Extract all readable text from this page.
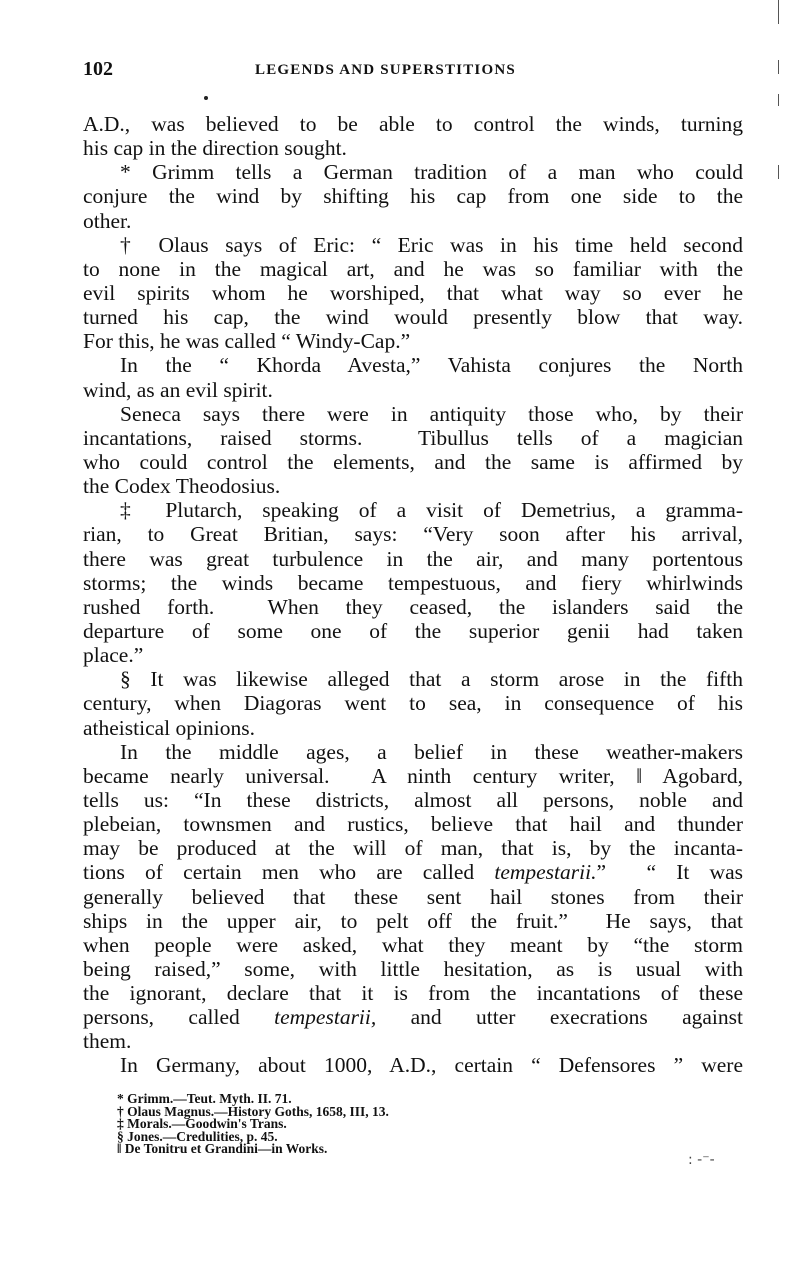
102	LEGENDS AND SUPERSTITIONS
A.D., was believed to be able to control the winds, turning
his cap in the direction sought.
* Grimm tells a German tradition of a man who could
conjure the wind by shifting his cap from one side to the
other.
† Olaus says of Eric: “ Eric was in his time held second
to none in the magical art, and he was so familiar with the
evil spirits whom he worshiped, that what way so ever he
turned his cap, the wind would presently blow that way.
For this, he was called “ Windy-Cap.”
In the “ Khorda Avesta,” Vahista conjures the North
wind, as an evil spirit.
Seneca says there were in antiquity those who, by their
incantations, raised storms.  Tibullus tells of a magician
who could control the elements, and the same is affirmed by
the Codex Theodosius.
‡ Plutarch, speaking of a visit of Demetrius, a gramma-
rian, to Great Britian, says: “Very soon after his arrival,
there was great turbulence in the air, and many portentous
storms; the winds became tempestuous, and fiery whirlwinds
rushed forth.  When they ceased, the islanders said the
departure of some one of the superior genii had taken
place.”
§ It was likewise alleged that a storm arose in the fifth
century, when Diagoras went to sea, in consequence of his
atheistical opinions.
In the middle ages, a belief in these weather-makers
became nearly universal.  A ninth century writer, ‖ Agobard,
tells us: “In these districts, almost all persons, noble and
plebeian, townsmen and rustics, believe that hail and thunder
may be produced at the will of man, that is, by the incanta-
tions of certain men who are called tempestarii.”  “ It was
generally believed that these sent hail stones from their
ships in the upper air, to pelt off the fruit.”  He says, that
when people were asked, what they meant by “the storm
being raised,” some, with little hesitation, as is usual with
the ignorant, declare that it is from the incantations of these
persons, called tempestarii, and utter execrations against
them.
In Germany, about 1000, A.D., certain “ Defensores ” were
* Grimm.—Teut. Myth. II. 71.
† Olaus Magnus.—History Goths, 1658, III, 13.
‡ Morals.—Goodwin's Trans.
§ Jones.—Credulities, p. 45.
‖ De Tonitru et Grandini—in Works.
: -⁻-
